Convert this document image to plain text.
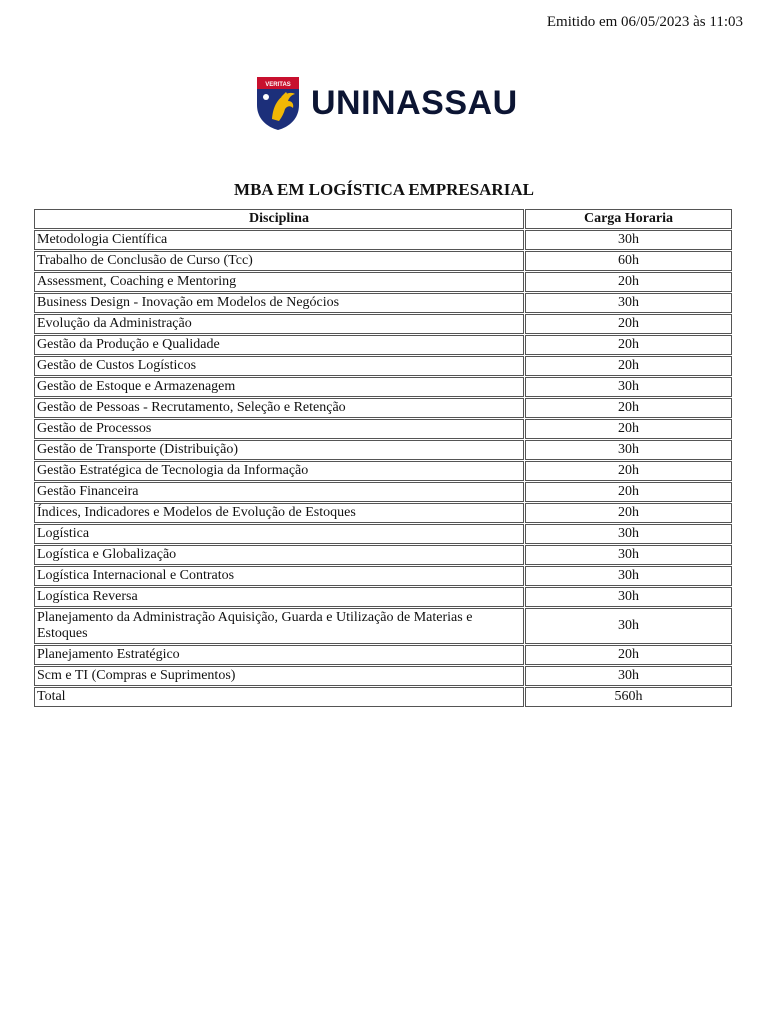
Emitido em 06/05/2023 às 11:03
VERITAS UNINASSAU
MBA EM LOGÍSTICA EMPRESARIAL
Disciplina	Carga Horaria
Metodologia Científica	30h
Trabalho de Conclusão de Curso (Tcc)	60h
Assessment, Coaching e Mentoring	20h
Business Design - Inovação em Modelos de Negócios	30h
Evolução da Administração	20h
Gestão da Produção e Qualidade	20h
Gestão de Custos Logísticos	20h
Gestão de Estoque e Armazenagem	30h
Gestão de Pessoas - Recrutamento, Seleção e Retenção	20h
Gestão de Processos	20h
Gestão de Transporte (Distribuição)	30h
Gestão Estratégica de Tecnologia da Informação	20h
Gestão Financeira	20h
Índices, Indicadores e Modelos de Evolução de Estoques	20h
Logística	30h
Logística e Globalização	30h
Logística Internacional e Contratos	30h
Logística Reversa	30h
Planejamento da Administração Aquisição, Guarda e Utilização de Materias e Estoques	30h
Planejamento Estratégico	20h
Scm e TI (Compras e Suprimentos)	30h
Total	560h
